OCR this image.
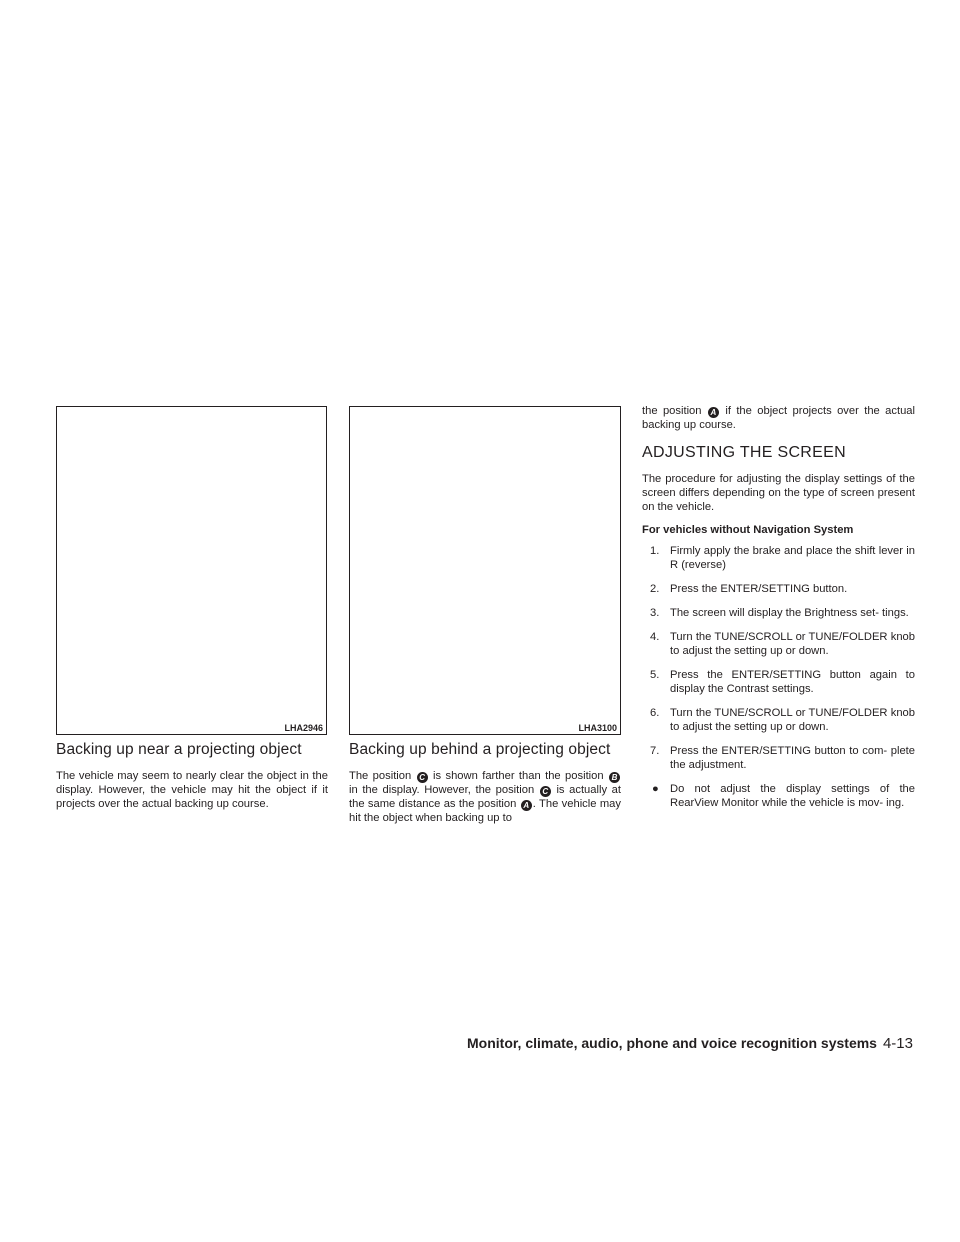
LHA2946	LHA3100
Backing up near a projecting object

The vehicle may seem to nearly clear the object in the display. However, the vehicle may hit the object if it projects over the actual backing up course.

Backing up behind a projecting object

The position C is shown farther than the position B in the display. However, the position C is actually at the same distance as the position A . The vehicle may hit the object when backing up to

the position A if the object projects over the actual backing up course.

ADJUSTING THE SCREEN

The procedure for adjusting the display settings of the screen differs depending on the type of screen present on the vehicle.

For vehicles without Navigation System
1. Firmly apply the brake and place the shift lever in R (reverse)
2. Press the ENTER/SETTING button.
3. The screen will display the Brightness set- tings.
4. Turn the TUNE/SCROLL or TUNE/FOLDER knob to adjust the setting up or down.
5. Press the ENTER/SETTING button again to display the Contrast settings.
6. Turn the TUNE/SCROLL or TUNE/FOLDER knob to adjust the setting up or down.
7. Press the ENTER/SETTING button to com- plete the adjustment.
● Do not adjust the display settings of the RearView Monitor while the vehicle is mov- ing.
Monitor, climate, audio, phone and voice recognition systems 4-13
